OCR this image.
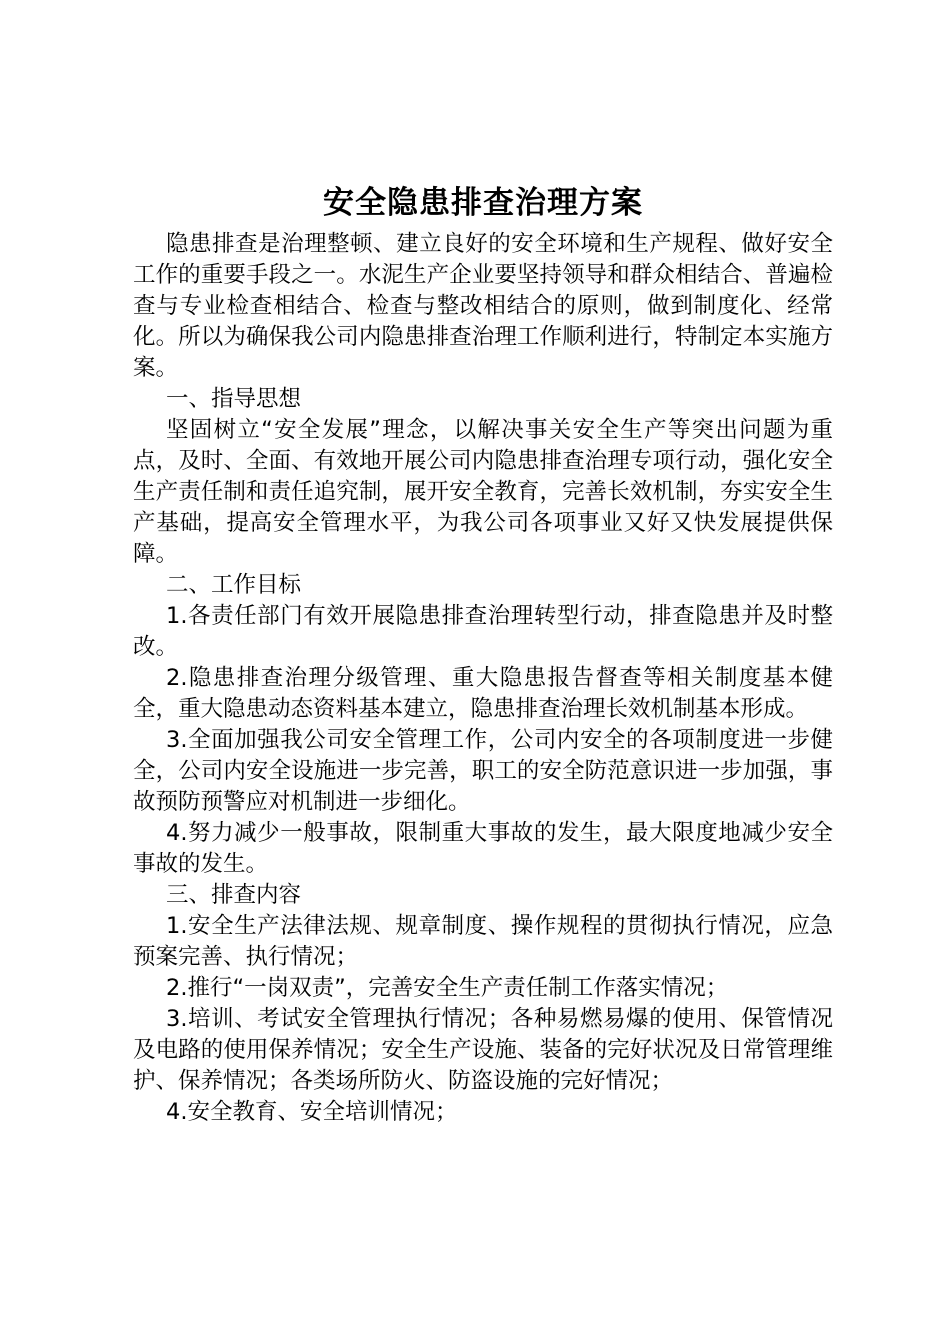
安全隐患排查治理方案

隐患排查是治理整顿、建立良好的安全环境和生产规程、做好安全工作的重要手段之一。水泥生产企业要坚持领导和群众相结合、普遍检查与专业检查相结合、检查与整改相结合的原则，做到制度化、经常化。所以为确保我公司内隐患排查治理工作顺利进行，特制定本实施方案。

一、指导思想

坚固树立“安全发展”理念，以解决事关安全生产等突出问题为重点，及时、全面、有效地开展公司内隐患排查治理专项行动，强化安全生产责任制和责任追究制，展开安全教育，完善长效机制，夯实安全生产基础，提高安全管理水平，为我公司各项事业又好又快发展提供保障。

二、工作目标

1.各责任部门有效开展隐患排查治理转型行动，排查隐患并及时整改。

2.隐患排查治理分级管理、重大隐患报告督查等相关制度基本健全，重大隐患动态资料基本建立，隐患排查治理长效机制基本形成。

3.全面加强我公司安全管理工作，公司内安全的各项制度进一步健全，公司内安全设施进一步完善，职工的安全防范意识进一步加强，事故预防预警应对机制进一步细化。

4.努力减少一般事故，限制重大事故的发生，最大限度地减少安全事故的发生。

三、排查内容

1.安全生产法律法规、规章制度、操作规程的贯彻执行情况，应急预案完善、执行情况；

2.推行“一岗双责”，完善安全生产责任制工作落实情况；

3.培训、考试安全管理执行情况；各种易燃易爆的使用、保管情况及电路的使用保养情况；安全生产设施、装备的完好状况及日常管理维护、保养情况；各类场所防火、防盗设施的完好情况；

4.安全教育、安全培训情况；
